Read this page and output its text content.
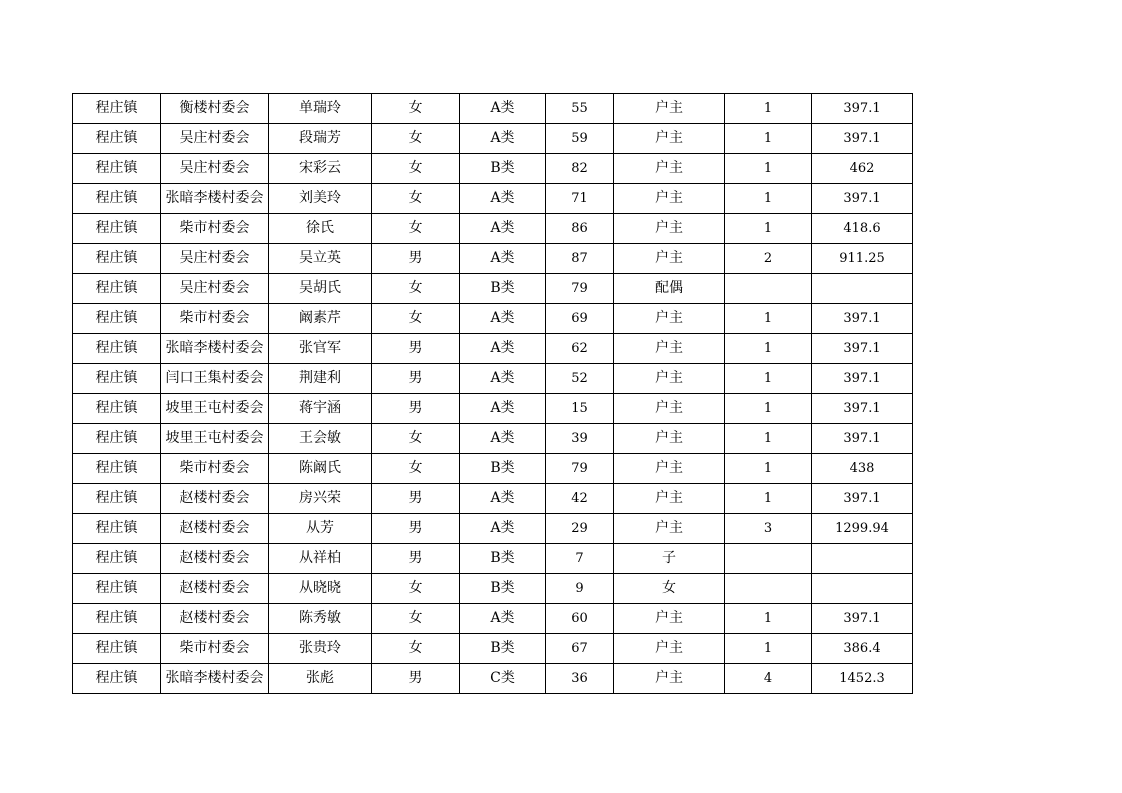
程庄镇	衡楼村委会	单瑞玲	女	A类	55	户主	1	397.1
程庄镇	吴庄村委会	段瑞芳	女	A类	59	户主	1	397.1
程庄镇	吴庄村委会	宋彩云	女	B类	82	户主	1	462
程庄镇	张暗李楼村委会	刘美玲	女	A类	71	户主	1	397.1
程庄镇	柴市村委会	徐氏	女	A类	86	户主	1	418.6
程庄镇	吴庄村委会	吴立英	男	A类	87	户主	2	911.25
程庄镇	吴庄村委会	吴胡氏	女	B类	79	配偶		
程庄镇	柴市村委会	阚素芹	女	A类	69	户主	1	397.1
程庄镇	张暗李楼村委会	张官军	男	A类	62	户主	1	397.1
程庄镇	闫口王集村委会	荆建利	男	A类	52	户主	1	397.1
程庄镇	坡里王屯村委会	蒋宇涵	男	A类	15	户主	1	397.1
程庄镇	坡里王屯村委会	王会敏	女	A类	39	户主	1	397.1
程庄镇	柴市村委会	陈阚氏	女	B类	79	户主	1	438
程庄镇	赵楼村委会	房兴荣	男	A类	42	户主	1	397.1
程庄镇	赵楼村委会	从芳	男	A类	29	户主	3	1299.94
程庄镇	赵楼村委会	从祥柏	男	B类	7	子		
程庄镇	赵楼村委会	从晓晓	女	B类	9	女		
程庄镇	赵楼村委会	陈秀敏	女	A类	60	户主	1	397.1
程庄镇	柴市村委会	张贵玲	女	B类	67	户主	1	386.4
程庄镇	张暗李楼村委会	张彪	男	C类	36	户主	4	1452.3
